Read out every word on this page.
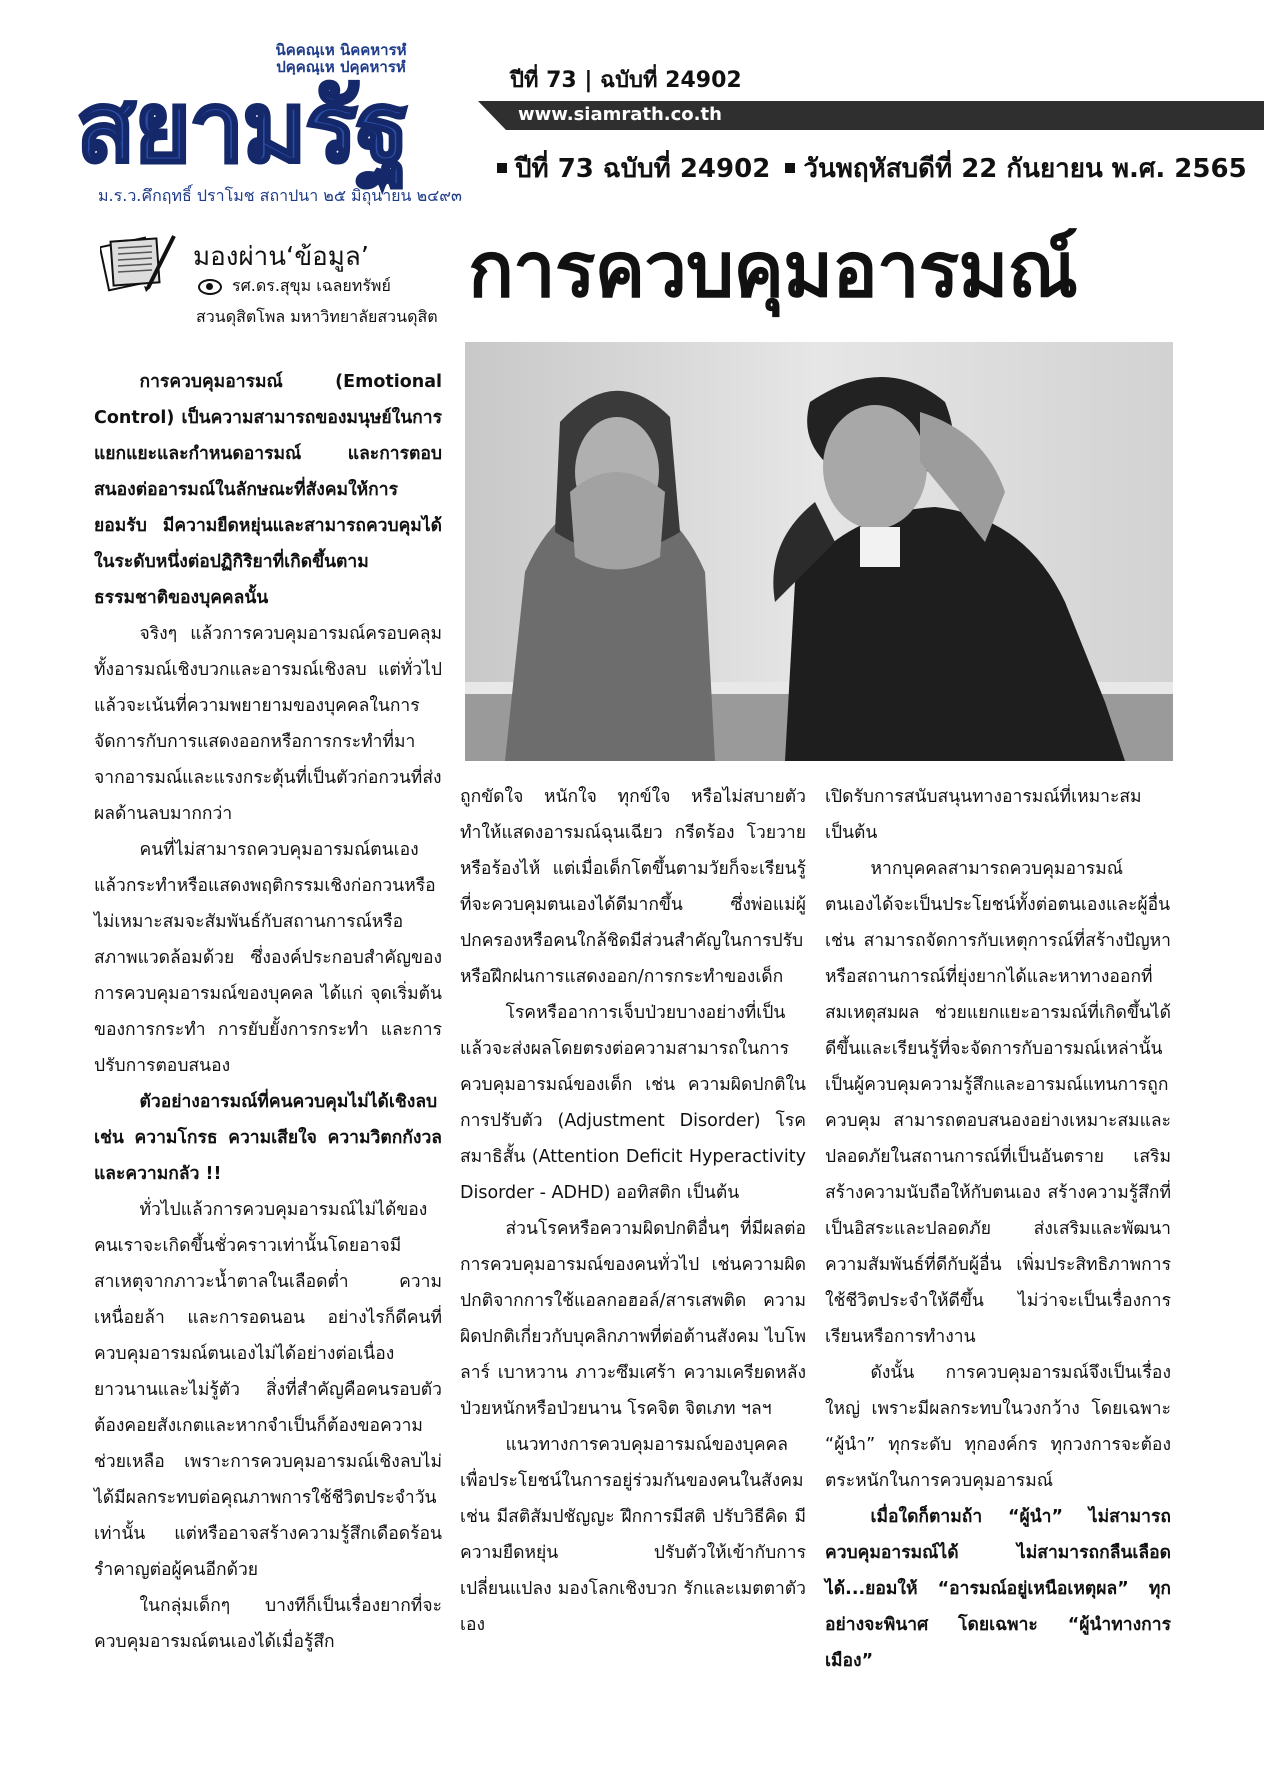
นิคคณฺเห นิคคหารหํ
ปคฺคณฺเห ปคฺคหารหํ
สยามรัฐ
ม.ร.ว.คึกฤทธิ์ ปราโมช สถาปนา ๒๕ มิถุนายน ๒๔๙๓
ปีที่ 73 | ฉบับที่ 24902
www.siamrath.co.th
ปีที่ 73 ฉบับที่ 24902 วันพฤหัสบดีที่ 22 กันยายน พ.ศ. 2565
มองผ่าน‘ข้อมูล’
รศ.ดร.สุขุม เฉลยทรัพย์
สวนดุสิตโพล มหาวิทยาลัยสวนดุสิต
การควบคุมอารมณ์

การควบคุมอารมณ์ (Emotional Control) เป็นความสามารถของมนุษย์ในการแยกแยะและกำหนดอารมณ์ และการตอบสนองต่ออารมณ์ในลักษณะที่สังคมให้การยอมรับ มีความยืดหยุ่นและสามารถควบคุมได้ในระดับหนึ่งต่อปฏิกิริยาที่เกิดขึ้นตามธรรมชาติของบุคคลนั้น

จริงๆ แล้วการควบคุมอารมณ์ครอบคลุมทั้งอารมณ์เชิงบวกและอารมณ์เชิงลบ แต่ทั่วไปแล้วจะเน้นที่ความพยายามของบุคคลในการจัดการกับการแสดงออกหรือการกระทำที่มาจากอารมณ์และแรงกระตุ้นที่เป็นตัวก่อกวนที่ส่งผลด้านลบมากกว่า

คนที่ไม่สามารถควบคุมอารมณ์ตนเองแล้วกระทำหรือแสดงพฤติกรรมเชิงก่อกวนหรือไม่เหมาะสมจะสัมพันธ์กับสถานการณ์หรือสภาพแวดล้อมด้วย ซึ่งองค์ประกอบสำคัญของการควบคุมอารมณ์ของบุคคล ได้แก่ จุดเริ่มต้นของการกระทำ การยับยั้งการกระทำ และการปรับการตอบสนอง

ตัวอย่างอารมณ์ที่คนควบคุมไม่ได้เชิงลบ เช่น ความโกรธ ความเสียใจ ความวิตกกังวล และความกลัว !!

ทั่วไปแล้วการควบคุมอารมณ์ไม่ได้ของคนเราจะเกิดขึ้นชั่วคราวเท่านั้นโดยอาจมีสาเหตุจากภาวะน้ำตาลในเลือดต่ำ ความเหนื่อยล้า และการอดนอน อย่างไรก็ดีคนที่ควบคุมอารมณ์ตนเองไม่ได้อย่างต่อเนื่องยาวนานและไม่รู้ตัว สิ่งที่สำคัญคือคนรอบตัวต้องคอยสังเกตและหากจำเป็นก็ต้องขอความช่วยเหลือ เพราะการควบคุมอารมณ์เชิงลบไม่ได้มีผลกระทบต่อคุณภาพการใช้ชีวิตประจำวันเท่านั้น แต่หรืออาจสร้างความรู้สึกเดือดร้อนรำคาญต่อผู้คนอีกด้วย

ในกลุ่มเด็กๆ บางทีก็เป็นเรื่องยากที่จะควบคุมอารมณ์ตนเองได้เมื่อรู้สึก

ถูกขัดใจ หนักใจ ทุกข์ใจ หรือไม่สบายตัว ทำให้แสดงอารมณ์ฉุนเฉียว กรีดร้อง โวยวาย หรือร้องไห้ แต่เมื่อเด็กโตขึ้นตามวัยก็จะเรียนรู้ที่จะควบคุมตนเองได้ดีมากขึ้น ซึ่งพ่อแม่ผู้ปกครองหรือคนใกล้ชิดมีส่วนสำคัญในการปรับหรือฝึกฝนการแสดงออก/การกระทำของเด็ก

โรคหรืออาการเจ็บป่วยบางอย่างที่เป็นแล้วจะส่งผลโดยตรงต่อความสามารถในการควบคุมอารมณ์ของเด็ก เช่น ความผิดปกติในการปรับตัว (Adjustment Disorder) โรคสมาธิสั้น (Attention Deficit Hyperactivity Disorder - ADHD) ออทิสติก เป็นต้น

ส่วนโรคหรือความผิดปกติอื่นๆ ที่มีผลต่อการควบคุมอารมณ์ของคนทั่วไป เช่นความผิดปกติจากการใช้แอลกอฮอล์/สารเสพติด ความผิดปกติเกี่ยวกับบุคลิกภาพที่ต่อต้านสังคม ไบโพลาร์ เบาหวาน ภาวะซึมเศร้า ความเครียดหลังป่วยหนักหรือป่วยนาน โรคจิต จิตเภท ฯลฯ

แนวทางการควบคุมอารมณ์ของบุคคลเพื่อประโยชน์ในการอยู่ร่วมกันของคนในสังคม เช่น มีสติสัมปชัญญะ ฝึกการมีสติ ปรับวิธีคิด มีความยืดหยุ่น ปรับตัวให้เข้ากับการเปลี่ยนแปลง มองโลกเชิงบวก รักและเมตตาตัวเอง

เปิดรับการสนับสนุนทางอารมณ์ที่เหมาะสม เป็นต้น

หากบุคคลสามารถควบคุมอารมณ์ตนเองได้จะเป็นประโยชน์ทั้งต่อตนเองและผู้อื่น เช่น สามารถจัดการกับเหตุการณ์ที่สร้างปัญหาหรือสถานการณ์ที่ยุ่งยากได้และหาทางออกที่สมเหตุสมผล ช่วยแยกแยะอารมณ์ที่เกิดขึ้นได้ดีขึ้นและเรียนรู้ที่จะจัดการกับอารมณ์เหล่านั้น เป็นผู้ควบคุมความรู้สึกและอารมณ์แทนการถูกควบคุม สามารถตอบสนองอย่างเหมาะสมและปลอดภัยในสถานการณ์ที่เป็นอันตราย เสริมสร้างความนับถือให้กับตนเอง สร้างความรู้สึกที่เป็นอิสระและปลอดภัย ส่งเสริมและพัฒนาความสัมพันธ์ที่ดีกับผู้อื่น เพิ่มประสิทธิภาพการใช้ชีวิตประจำให้ดีขึ้น ไม่ว่าจะเป็นเรื่องการเรียนหรือการทำงาน

ดังนั้น การควบคุมอารมณ์จึงเป็นเรื่องใหญ่ เพราะมีผลกระทบในวงกว้าง โดยเฉพาะ “ผู้นำ” ทุกระดับ ทุกองค์กร ทุกวงการจะต้องตระหนักในการควบคุมอารมณ์

เมื่อใดก็ตามถ้า “ผู้นำ” ไม่สามารถควบคุมอารมณ์ได้ ไม่สามารถกลืนเลือดได้...ยอมให้ “อารมณ์อยู่เหนือเหตุผล” ทุกอย่างจะพินาศ โดยเฉพาะ “ผู้นำทางการเมือง”
